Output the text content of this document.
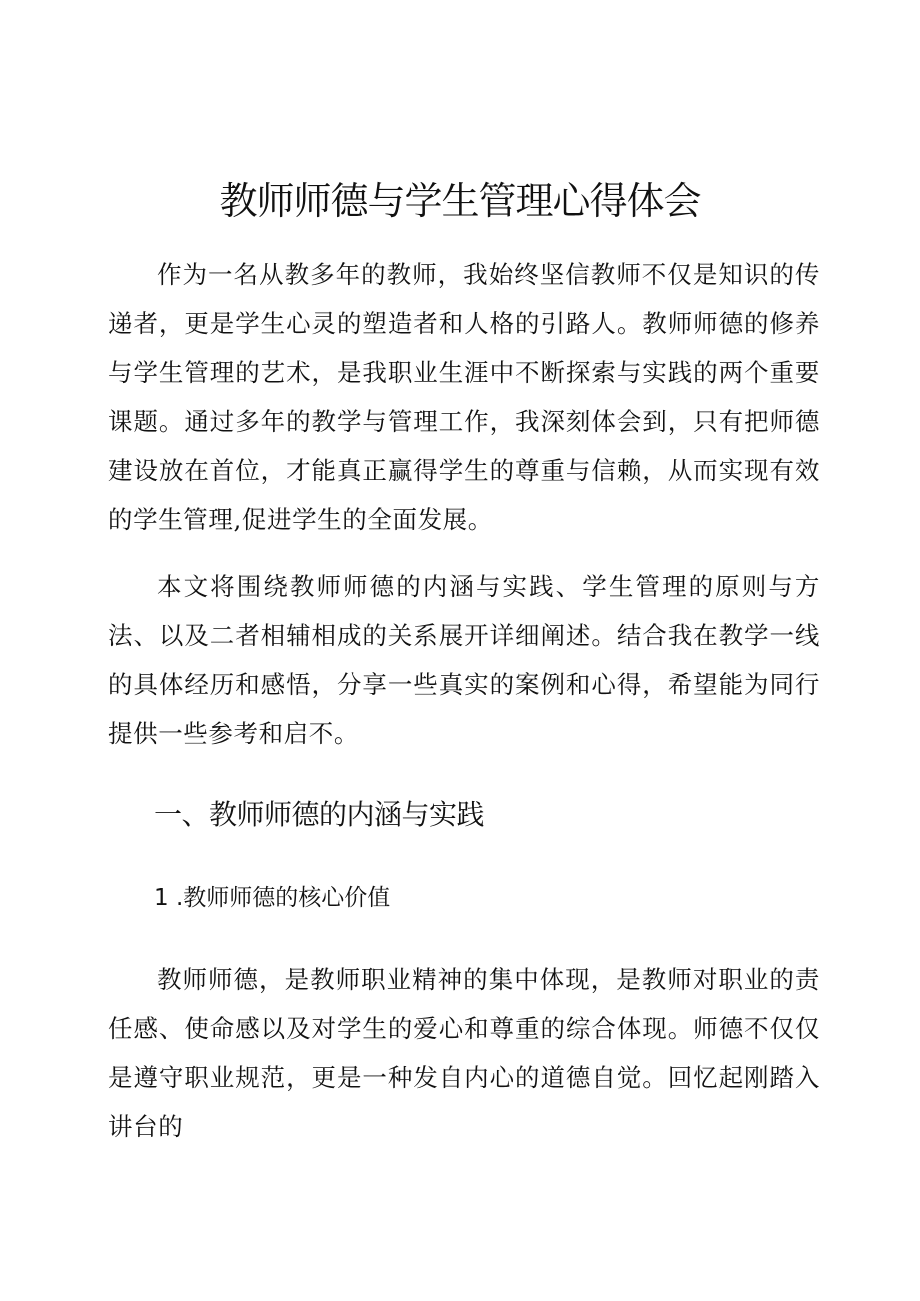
教师师德与学生管理心得体会

作为一名从教多年的教师，我始终坚信教师不仅是知识的传递者，更是学生心灵的塑造者和人格的引路人。教师师德的修养与学生管理的艺术，是我职业生涯中不断探索与实践的两个重要课题。通过多年的教学与管理工作，我深刻体会到，只有把师德建设放在首位，才能真正赢得学生的尊重与信赖，从而实现有效的学生管理,促进学生的全面发展。

本文将围绕教师师德的内涵与实践、学生管理的原则与方法、以及二者相辅相成的关系展开详细阐述。结合我在教学一线的具体经历和感悟，分享一些真实的案例和心得，希望能为同行提供一些参考和启不。

一、教师师德的内涵与实践
1 .教师师德的核心价值

教师师德，是教师职业精神的集中体现，是教师对职业的责任感、使命感以及对学生的爱心和尊重的综合体现。师德不仅仅是遵守职业规范，更是一种发自内心的道德自觉。回忆起刚踏入讲台的
